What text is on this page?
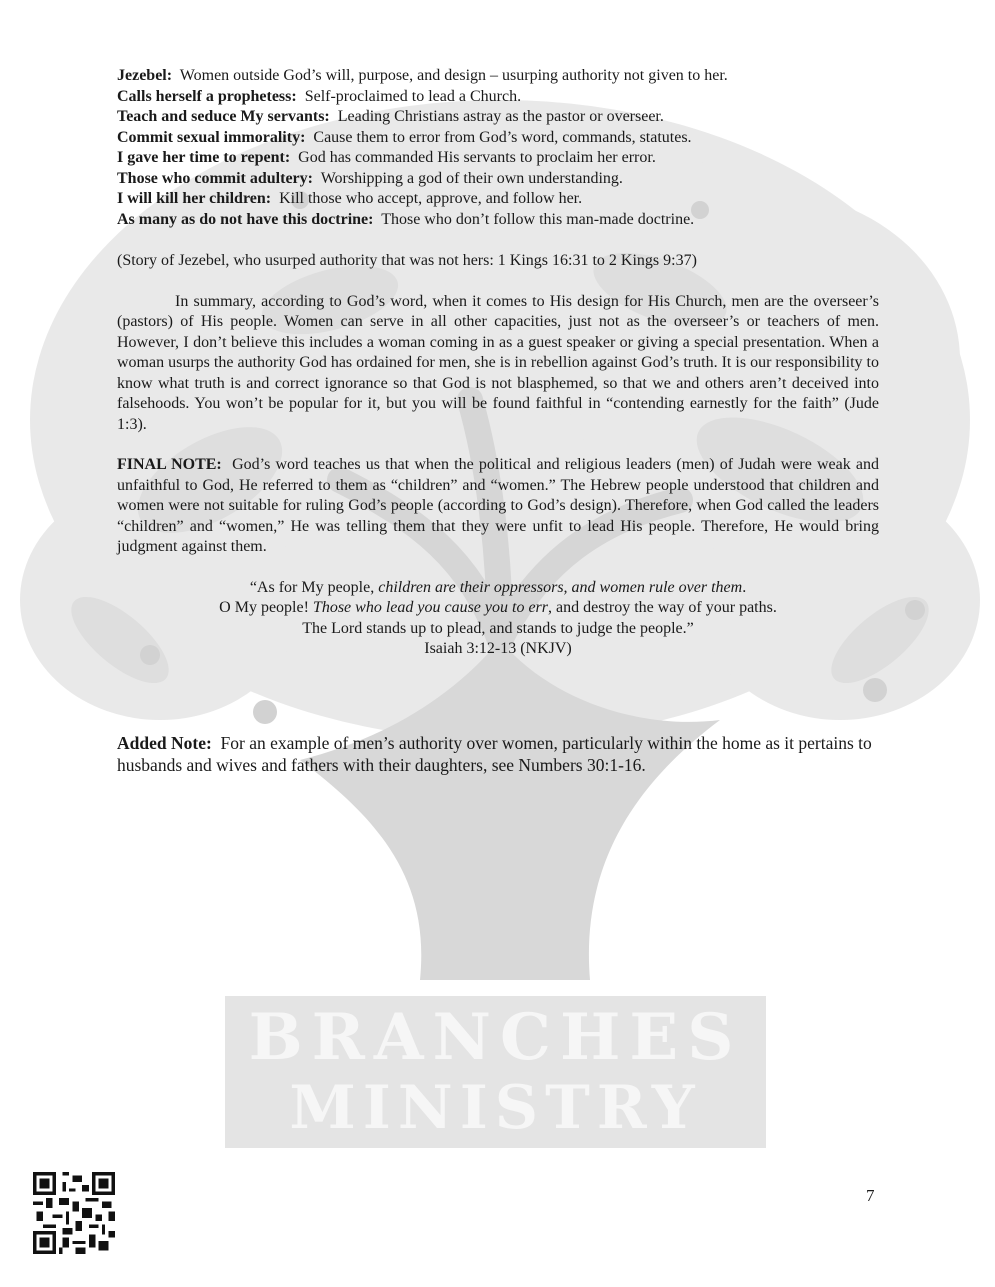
BRANCHES
MINISTRY

Jezebel: Women outside God’s will, purpose, and design – usurping authority not given to her.

Calls herself a prophetess: Self-proclaimed to lead a Church.

Teach and seduce My servants: Leading Christians astray as the pastor or overseer.

Commit sexual immorality: Cause them to error from God’s word, commands, statutes.

I gave her time to repent: God has commanded His servants to proclaim her error.

Those who commit adultery: Worshipping a god of their own understanding.

I will kill her children: Kill those who accept, approve, and follow her.

As many as do not have this doctrine: Those who don’t follow this man-made doctrine.

(Story of Jezebel, who usurped authority that was not hers: 1 Kings 16:31 to 2 Kings 9:37)

In summary, according to God’s word, when it comes to His design for His Church, men are the overseer’s (pastors) of His people. Women can serve in all other capacities, just not as the overseer’s or teachers of men. However, I don’t believe this includes a woman coming in as a guest speaker or giving a special presentation. When a woman usurps the authority God has ordained for men, she is in rebellion against God’s truth. It is our responsibility to know what truth is and correct ignorance so that God is not blasphemed, so that we and others aren’t deceived into falsehoods. You won’t be popular for it, but you will be found faithful in “contending earnestly for the faith” (Jude 1:3).

FINAL NOTE: God’s word teaches us that when the political and religious leaders (men) of Judah were weak and unfaithful to God, He referred to them as “children” and “women.” The Hebrew people understood that children and women were not suitable for ruling God’s people (according to God’s design). Therefore, when God called the leaders “children” and “women,” He was telling them that they were unfit to lead His people. Therefore, He would bring judgment against them.

“As for My people, children are their oppressors, and women rule over them.
O My people! Those who lead you cause you to err, and destroy the way of your paths.
The Lord stands up to plead, and stands to judge the people.”
Isaiah 3:12-13 (NKJV)

Added Note: For an example of men’s authority over women, particularly within the home as it pertains to husbands and wives and fathers with their daughters, see Numbers 30:1-16.

7
